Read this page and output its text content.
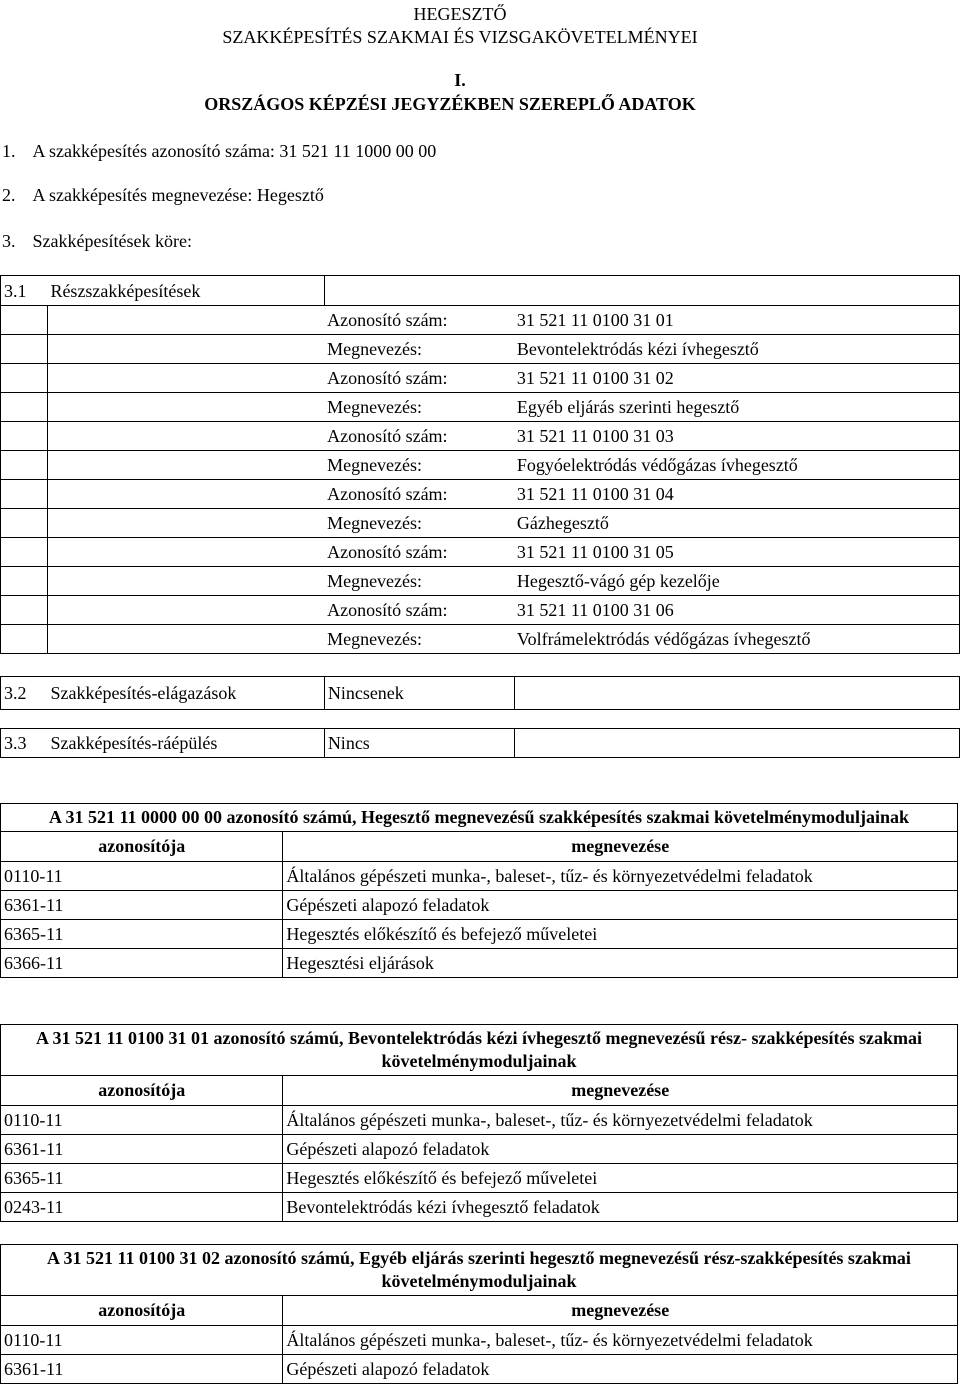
HEGESZTŐ
SZAKKÉPESÍTÉS SZAKMAI ÉS VIZSGAKÖVETELMÉNYEI
I.
ORSZÁGOS KÉPZÉSI JEGYZÉKBEN SZEREPLŐ ADATOK
1. A szakképesítés azonosító száma: 31 521 11 1000 00 00
2. A szakképesítés megnevezése: Hegesztő
3. Szakképesítések köre:
3.1	Részszakképesítések		
		Azonosító szám:	31 521 11 0100 31 01
		Megnevezés:	Bevontelektródás kézi ívhegesztő
		Azonosító szám:	31 521 11 0100 31 02
		Megnevezés:	Egyéb eljárás szerinti hegesztő
		Azonosító szám:	31 521 11 0100 31 03
		Megnevezés:	Fogyóelektródás védőgázas ívhegesztő
		Azonosító szám:	31 521 11 0100 31 04
		Megnevezés:	Gázhegesztő
		Azonosító szám:	31 521 11 0100 31 05
		Megnevezés:	Hegesztő-vágó gép kezelője
		Azonosító szám:	31 521 11 0100 31 06
		Megnevezés:	Volfrámelektródás védőgázas ívhegesztő
3.2	Szakképesítés-elágazások	Nincsenek	
3.3	Szakképesítés-ráépülés	Nincs	
A 31 521 11 0000 00 00 azonosító számú, Hegesztő megnevezésű szakképesítés szakmai követelménymoduljainak	
azonosítója	megnevezése
0110-11	Általános gépészeti munka-, baleset-, tűz- és környezetvédelmi feladatok
6361-11	Gépészeti alapozó feladatok
6365-11	Hegesztés előkészítő és befejező műveletei
6366-11	Hegesztési eljárások
A 31 521 11 0100 31 01 azonosító számú, Bevontelektródás kézi ívhegesztő megnevezésű rész- szakképesítés szakmai követelménymoduljainak	
azonosítója	megnevezése
0110-11	Általános gépészeti munka-, baleset-, tűz- és környezetvédelmi feladatok
6361-11	Gépészeti alapozó feladatok
6365-11	Hegesztés előkészítő és befejező műveletei
0243-11	Bevontelektródás kézi ívhegesztő feladatok
A 31 521 11 0100 31 02 azonosító számú, Egyéb eljárás szerinti hegesztő megnevezésű rész-szakképesítés szakmai követelménymoduljainak	
azonosítója	megnevezése
0110-11	Általános gépészeti munka-, baleset-, tűz- és környezetvédelmi feladatok
6361-11	Gépészeti alapozó feladatok
